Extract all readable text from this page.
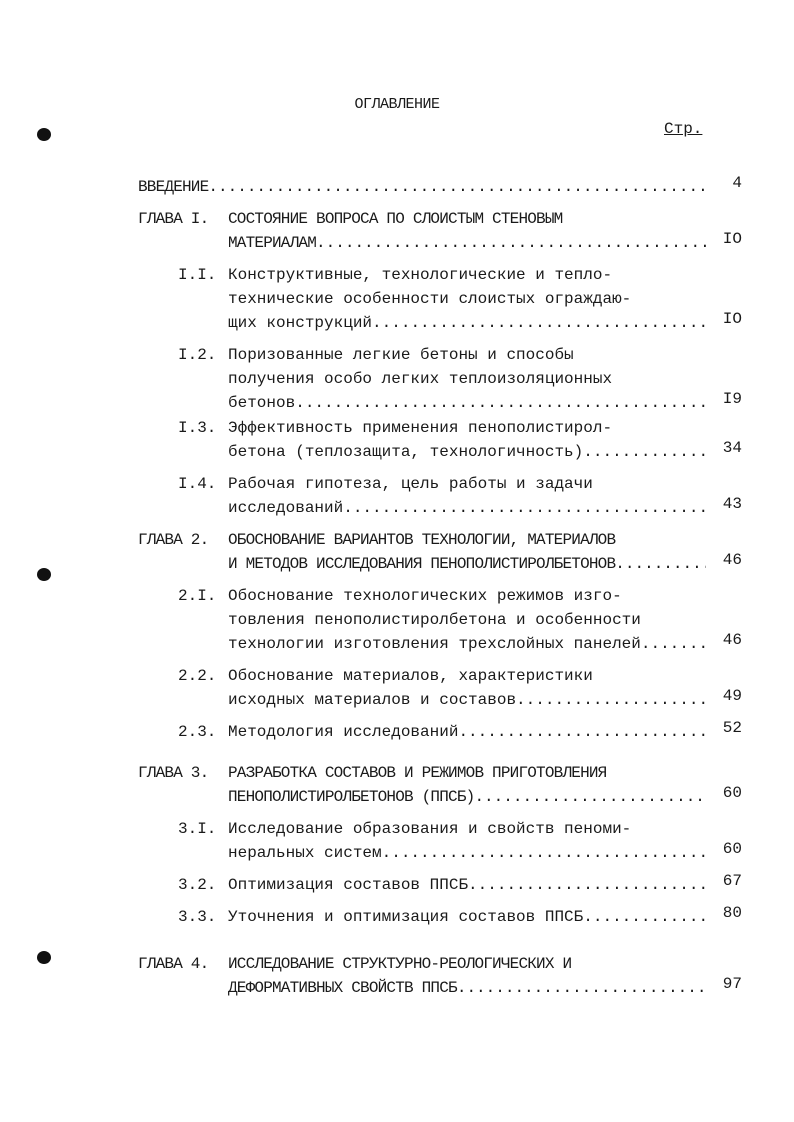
ОГЛАВЛЕНИЕ
Стр.
ВВЕДЕНИЕ .....	4
ГЛАВА I. СОСТОЯНИЕ ВОПРОСА ПО СЛОИСТЫМ СТЕНОВЫМ
МАТЕРИАЛАМ .....	IO
I.I. Конструктивные, технологические и тепло-
технические особенности слоистых ограждаю-
щих конструкций .....	IO
I.2. Поризованные легкие бетоны и способы
получения особо легких теплоизоляционных
бетонов .....	I9
I.3. Эффективность применения пенополистирол-
бетона (теплозащита, технологичность) .....	34
I.4. Рабочая гипотеза, цель работы и задачи
исследований .....	43
ГЛАВА 2. ОБОСНОВАНИЕ ВАРИАНТОВ ТЕХНОЛОГИИ, МАТЕРИАЛОВ
И МЕТОДОВ ИССЛЕДОВАНИЯ ПЕНОПОЛИСТИРОЛБЕТОНОВ .....	46
2.I. Обоснование технологических режимов изго-
товления пенополистиролбетона и особенности
технологии изготовления трехслойных панелей .....	46
2.2. Обоснование материалов, характеристики
исходных материалов и составов .....	49
2.3. Методология исследований .....	52
ГЛАВА 3. РАЗРАБОТКА СОСТАВОВ И РЕЖИМОВ ПРИГОТОВЛЕНИЯ
ПЕНОПОЛИСТИРОЛБЕТОНОВ (ППСБ) .....	60
3.I. Исследование образования и свойств пеноми-
неральных систем .....	60
3.2. Оптимизация составов ППСБ .....	67
3.3. Уточнения и оптимизация составов ППСБ .....	80
ГЛАВА 4. ИССЛЕДОВАНИЕ СТРУКТУРНО-РЕОЛОГИЧЕСКИХ И
ДЕФОРМАТИВНЫХ СВОЙСТВ ППСБ .....	97
